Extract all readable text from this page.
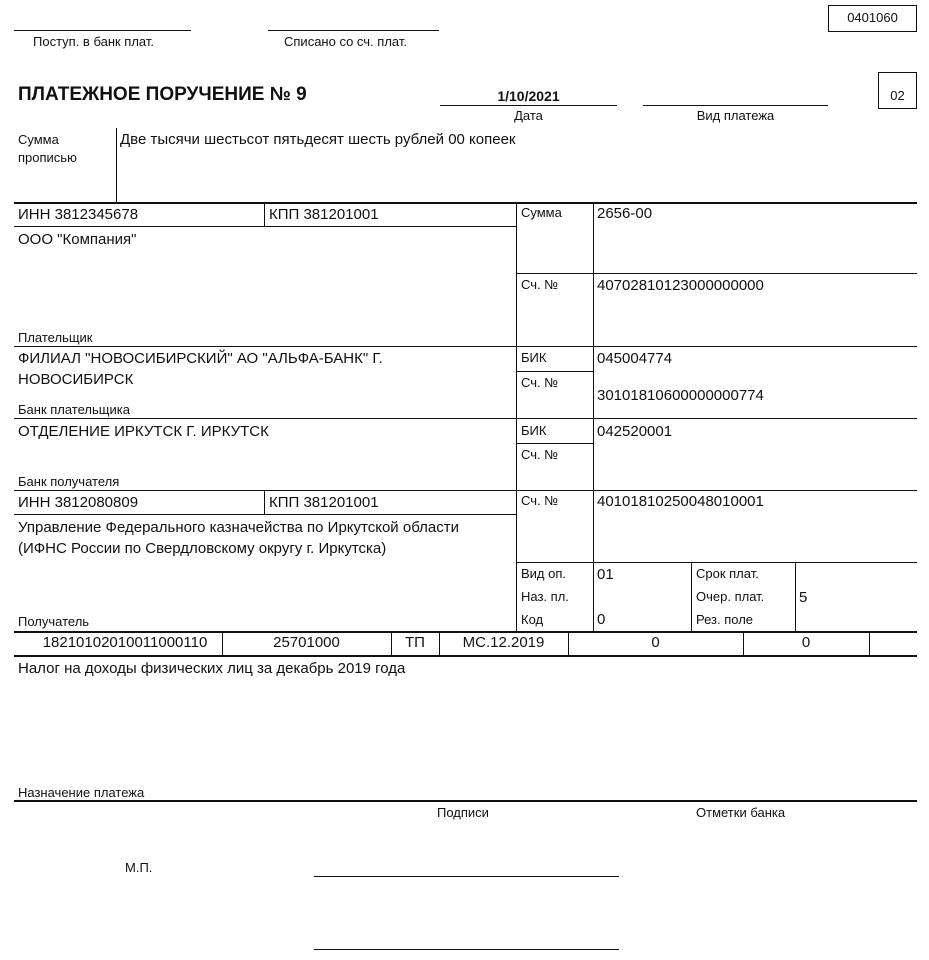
0401060
Поступ. в банк плат.	Списано со сч. плат.
ПЛАТЕЖНОЕ ПОРУЧЕНИЕ № 9	1/10/2021
Дата	Вид платежа
02
Сумма
прописью
Две тысячи шестьсот пятьдесят шесть рублей 00 копеек
ИНН 3812345678	КПП 381201001
ООО "Компания"
Плательщик
ФИЛИАЛ "НОВОСИБИРСКИЙ" АО "АЛЬФА-БАНК" Г.
НОВОСИБИРСК
Банк плательщика
ОТДЕЛЕНИЕ ИРКУТСК Г. ИРКУТСК
Банк получателя
ИНН 3812080809	КПП 381201001
Управление Федерального казначейства по Иркутской области
(ИФНС России по Свердловскому округу г. Иркутска)
Получатель
Сумма 2656-00
Сч. №	40702810123000000000
БИК	045004774
Сч. №
30101810600000000774
БИК	042520001
Сч. №
Сч. №	40101810250048010001
Вид оп. 01
Наз. пл.
Код	0
Срок плат.
Очер. плат. 5
Рез. поле
18210102010011000110	25701000	ТП	МС.12.2019	0	0
Налог на доходы физических лиц за декабрь 2019 года
Назначение платежа
Подписи	Отметки банка
М.П.
